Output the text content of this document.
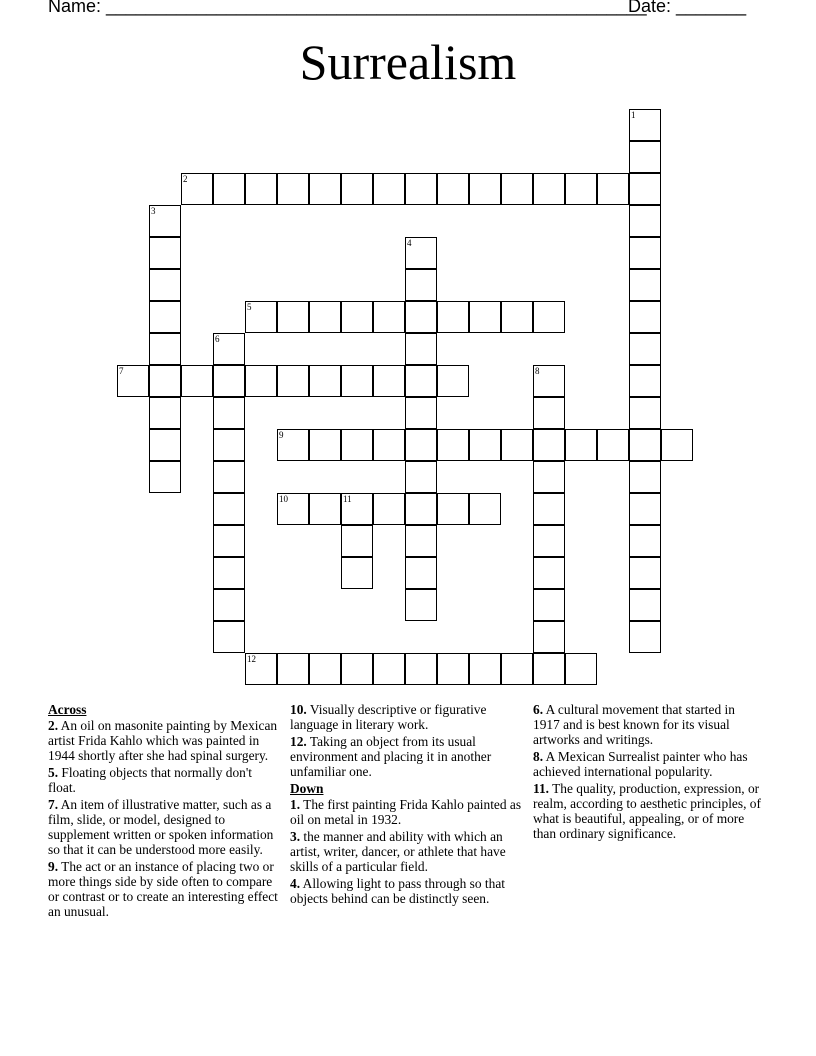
Name: ______________________________________________________
Date: _______
Surrealism
1
2
3
4
5
6
7	8
9
10	11
12
Across
2. An oil on masonite painting by Mexican artist Frida Kahlo which was painted in 1944 shortly after she had spinal surgery.
5. Floating objects that normally don't float.
7. An item of illustrative matter, such as a film, slide, or model, designed to supplement written or spoken information so that it can be understood more easily.
9. The act or an instance of placing two or more things side by side often to compare or contrast or to create an interesting effect an unusual.
10. Visually descriptive or figurative language in literary work.
12. Taking an object from its usual environment and placing it in another unfamiliar one.
Down
1. The first painting Frida Kahlo painted as oil on metal in 1932.
3. the manner and ability with which an artist, writer, dancer, or athlete that have skills of a particular field.
4. Allowing light to pass through so that objects behind can be distinctly seen.
6. A cultural movement that started in 1917 and is best known for its visual artworks and writings.
8. A Mexican Surrealist painter who has achieved international popularity.
11. The quality, production, expression, or realm, according to aesthetic principles, of what is beautiful, appealing, or of more than ordinary significance.
